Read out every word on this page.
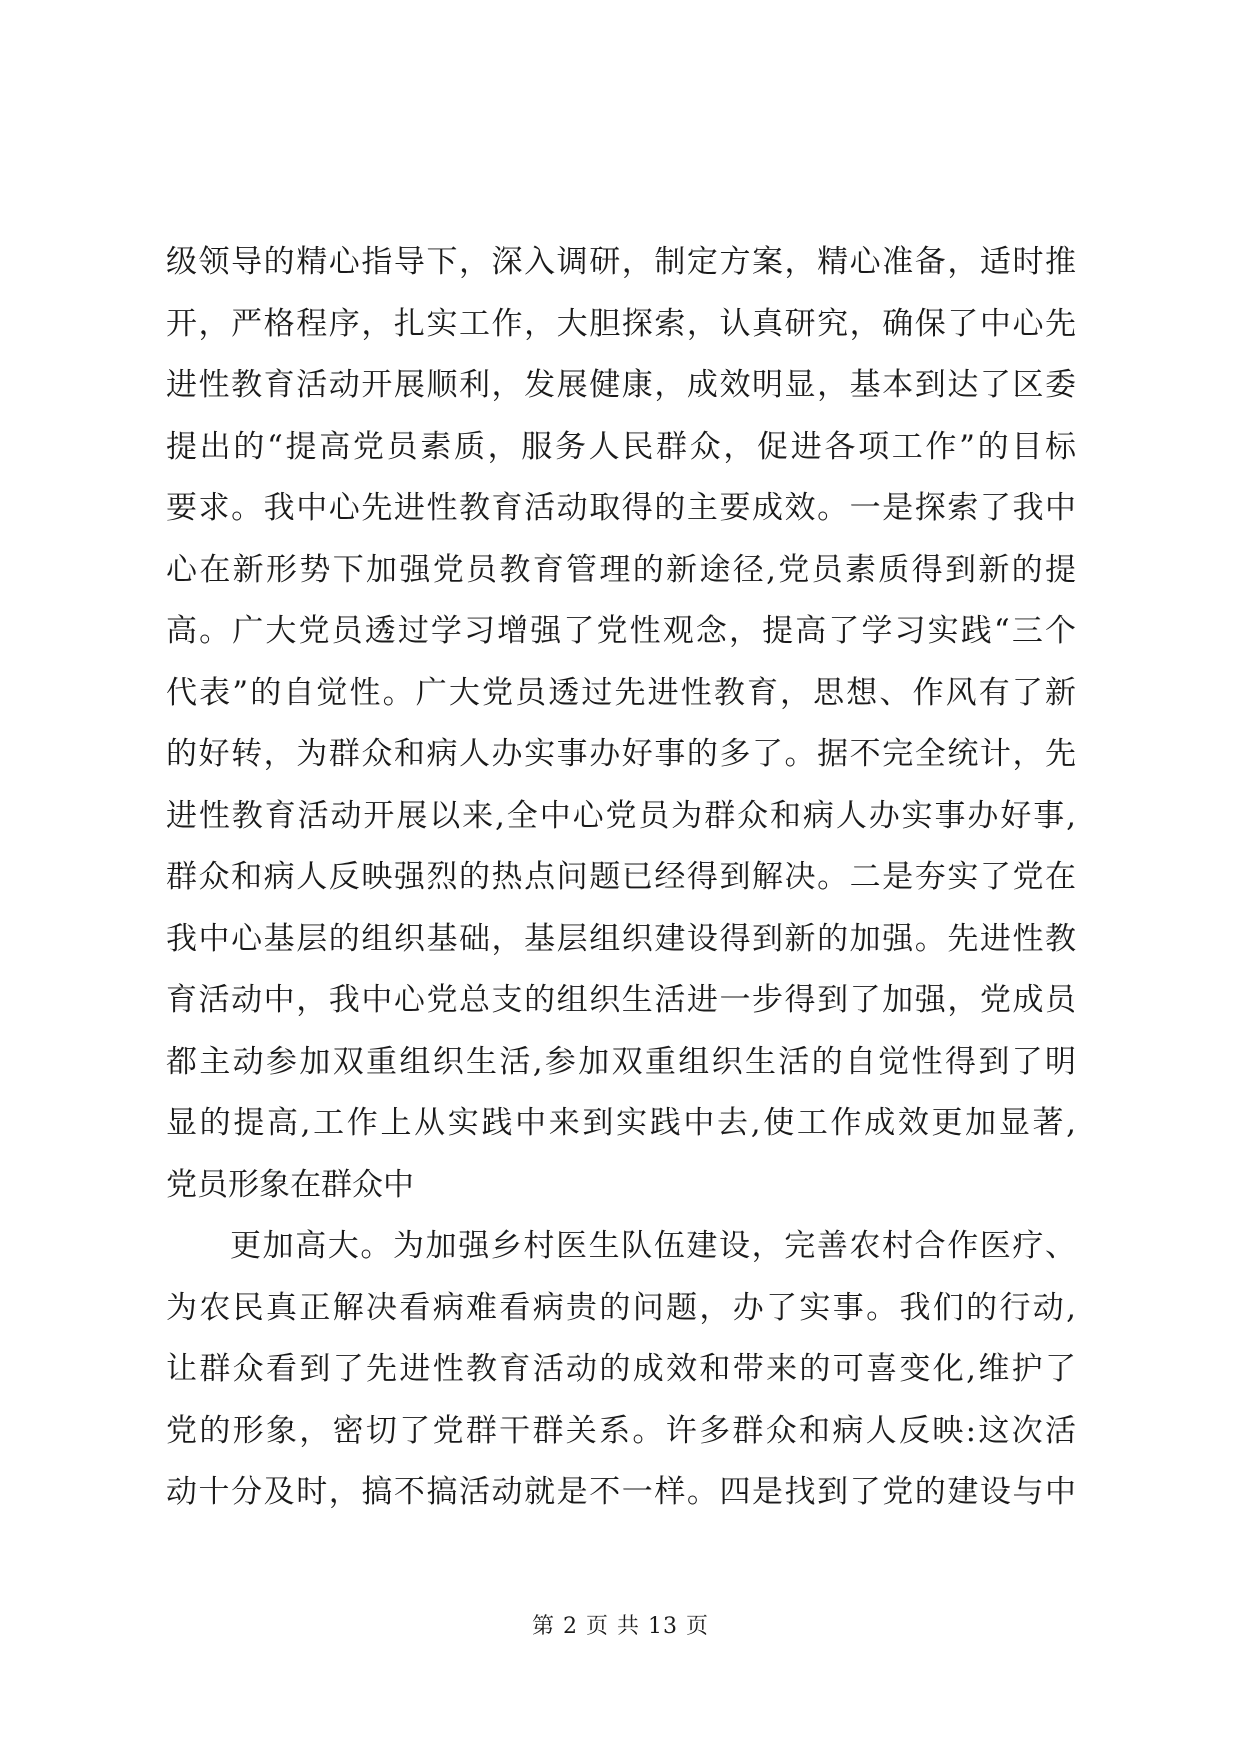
级领导的精心指导下，深入调研，制定方案，精心准备，适时推
开，严格程序，扎实工作，大胆探索，认真研究，确保了中心先
进性教育活动开展顺利，发展健康，成效明显，基本到达了区委
提出的“提高党员素质，服务人民群众，促进各项工作”的目标
要求。我中心先进性教育活动取得的主要成效。一是探索了我中
心在新形势下加强党员教育管理的新途径,党员素质得到新的提
高。广大党员透过学习增强了党性观念，提高了学习实践“三个
代表”的自觉性。广大党员透过先进性教育，思想、作风有了新
的好转，为群众和病人办实事办好事的多了。据不完全统计，先
进性教育活动开展以来,全中心党员为群众和病人办实事办好事,
群众和病人反映强烈的热点问题已经得到解决。二是夯实了党在
我中心基层的组织基础，基层组织建设得到新的加强。先进性教
育活动中，我中心党总支的组织生活进一步得到了加强，党成员
都主动参加双重组织生活,参加双重组织生活的自觉性得到了明
显的提高,工作上从实践中来到实践中去,使工作成效更加显著,
党员形象在群众中
更加高大。为加强乡村医生队伍建设，完善农村合作医疗、
为农民真正解决看病难看病贵的问题，办了实事。我们的行动,
让群众看到了先进性教育活动的成效和带来的可喜变化,维护了
党的形象，密切了党群干群关系。许多群众和病人反映:这次活
动十分及时，搞不搞活动就是不一样。四是找到了党的建设与中
第 2 页 共 13 页
